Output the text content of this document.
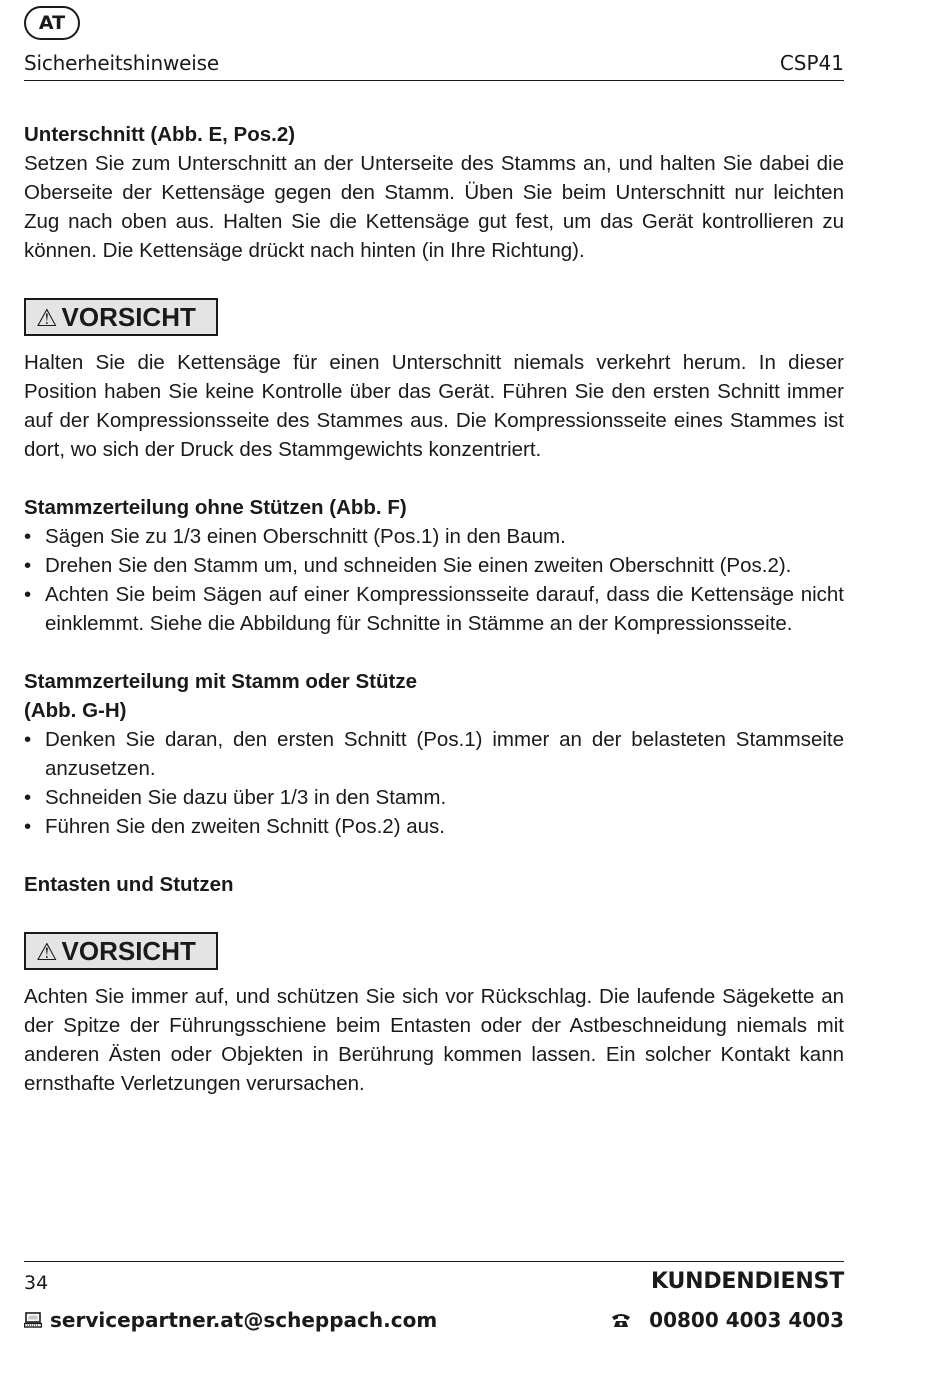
AT
Sicherheitshinweise	CSP41
Unterschnitt (Abb. E, Pos.2)

Setzen Sie zum Unterschnitt an der Unterseite des Stamms an, und halten Sie dabei die Oberseite der Kettensäge gegen den Stamm. Üben Sie beim Unterschnitt nur leichten Zug nach oben aus. Halten Sie die Kettensäge gut fest, um das Gerät kontrollieren zu können. Die Kettensäge drückt nach hinten (in Ihre Richtung).

⚠ VORSICHT

Halten Sie die Kettensäge für einen Unterschnitt niemals verkehrt herum. In dieser Position haben Sie keine Kontrolle über das Gerät. Führen Sie den ersten Schnitt immer auf der Kompressionsseite des Stammes aus. Die Kompressionsseite eines Stammes ist dort, wo sich der Druck des Stammgewichts konzentriert.

Stammzerteilung ohne Stützen (Abb. F)
• Sägen Sie zu 1/3 einen Oberschnitt (Pos.1) in den Baum.
• Drehen Sie den Stamm um, und schneiden Sie einen zweiten Oberschnitt (Pos.2).
• Achten Sie beim Sägen auf einer Kompressionsseite darauf, dass die Kettensäge nicht einklemmt. Siehe die Abbildung für Schnitte in Stämme an der Kompressionsseite.
Stammzerteilung mit Stamm oder Stütze
(Abb. G-H)
• Denken Sie daran, den ersten Schnitt (Pos.1) immer an der belasteten Stammseite anzusetzen.
• Schneiden Sie dazu über 1/3 in den Stamm.
• Führen Sie den zweiten Schnitt (Pos.2) aus.
Entasten und Stutzen
⚠ VORSICHT

Achten Sie immer auf, und schützen Sie sich vor Rückschlag. Die laufende Sägekette an der Spitze der Führungsschiene beim Entasten oder der Astbeschneidung niemals mit anderen Ästen oder Objekten in Berührung kommen lassen. Ein solcher Kontakt kann ernsthafte Verletzungen verursachen.

34	KUNDENDIENST
servicepartner.at@scheppach.com	00800 4003 4003
